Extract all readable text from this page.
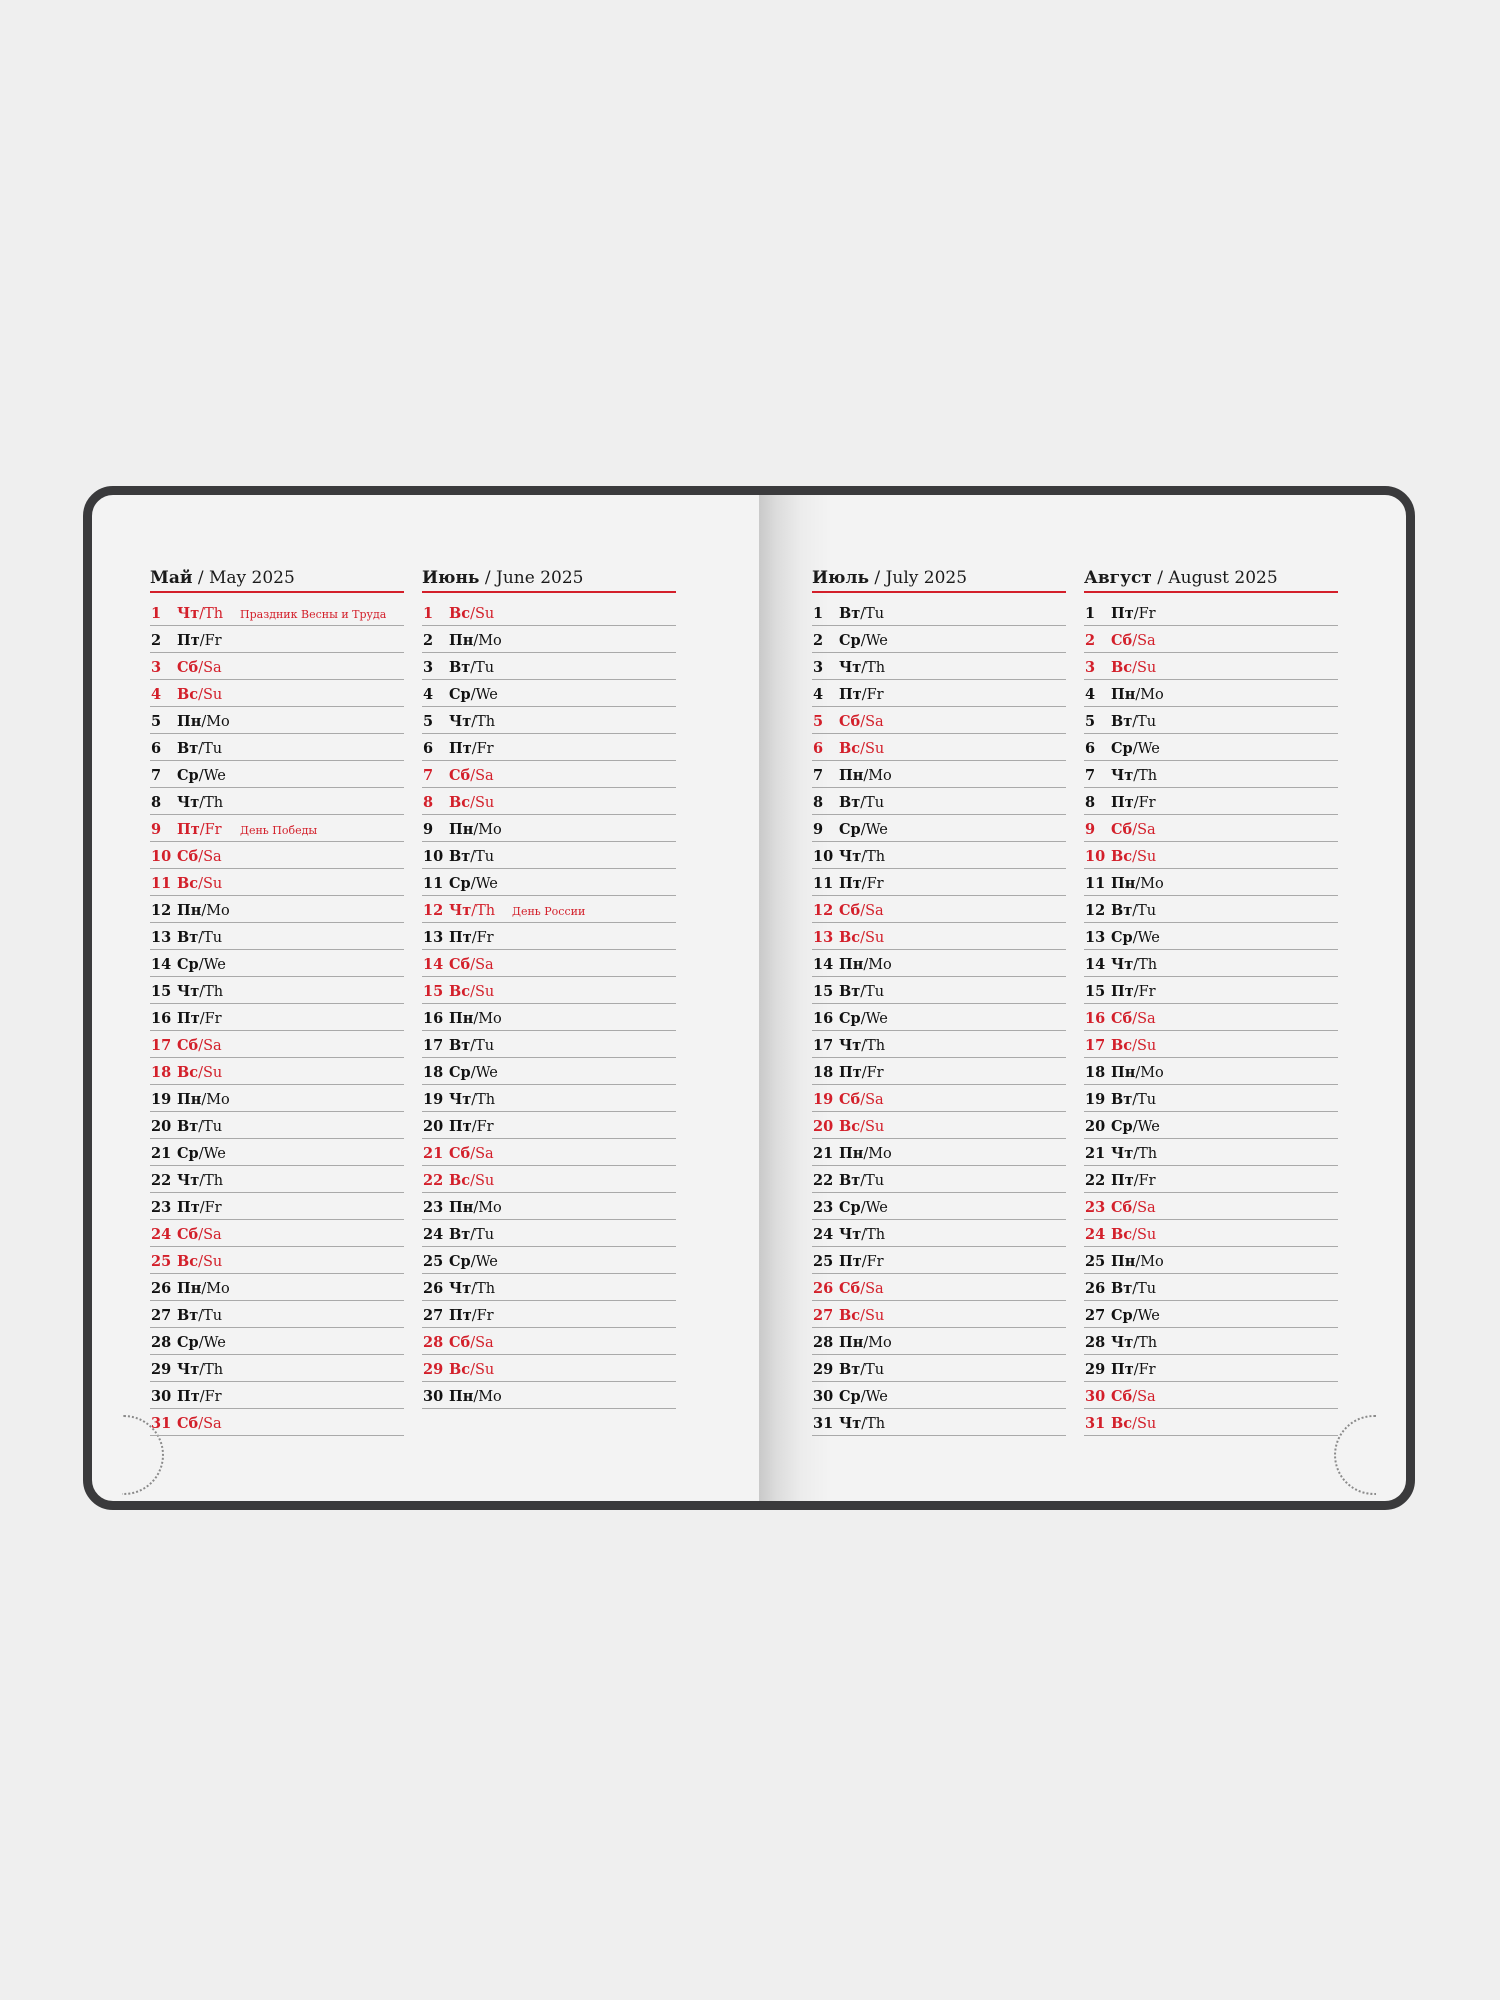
Май / May 2025
1 Чт/Th Праздник Весны и Труда
2 Пт/Fr
3 Сб/Sa
4 Вс/Su
5 Пн/Mo
6 Вт/Tu
7 Ср/We
8 Чт/Th
9 Пт/Fr День Победы
10 Сб/Sa
11 Вс/Su
12 Пн/Mo
13 Вт/Tu
14 Ср/We
15 Чт/Th
16 Пт/Fr
17 Сб/Sa
18 Вс/Su
19 Пн/Mo
20 Вт/Tu
21 Ср/We
22 Чт/Th
23 Пт/Fr
24 Сб/Sa
25 Вс/Su
26 Пн/Mo
27 Вт/Tu
28 Ср/We
29 Чт/Th
30 Пт/Fr
31 Сб/Sa
Июнь / June 2025
1 Вс/Su
2 Пн/Mo
3 Вт/Tu
4 Ср/We
5 Чт/Th
6 Пт/Fr
7 Сб/Sa
8 Вс/Su
9 Пн/Mo
10 Вт/Tu
11 Ср/We
12 Чт/Th День России
13 Пт/Fr
14 Сб/Sa
15 Вс/Su
16 Пн/Mo
17 Вт/Tu
18 Ср/We
19 Чт/Th
20 Пт/Fr
21 Сб/Sa
22 Вс/Su
23 Пн/Mo
24 Вт/Tu
25 Ср/We
26 Чт/Th
27 Пт/Fr
28 Сб/Sa
29 Вс/Su
30 Пн/Mo
Июль / July 2025
1 Вт/Tu
2 Ср/We
3 Чт/Th
4 Пт/Fr
5 Сб/Sa
6 Вс/Su
7 Пн/Mo
8 Вт/Tu
9 Ср/We
10 Чт/Th
11 Пт/Fr
12 Сб/Sa
13 Вс/Su
14 Пн/Mo
15 Вт/Tu
16 Ср/We
17 Чт/Th
18 Пт/Fr
19 Сб/Sa
20 Вс/Su
21 Пн/Mo
22 Вт/Tu
23 Ср/We
24 Чт/Th
25 Пт/Fr
26 Сб/Sa
27 Вс/Su
28 Пн/Mo
29 Вт/Tu
30 Ср/We
31 Чт/Th
Август / August 2025
1 Пт/Fr
2 Сб/Sa
3 Вс/Su
4 Пн/Mo
5 Вт/Tu
6 Ср/We
7 Чт/Th
8 Пт/Fr
9 Сб/Sa
10 Вс/Su
11 Пн/Mo
12 Вт/Tu
13 Ср/We
14 Чт/Th
15 Пт/Fr
16 Сб/Sa
17 Вс/Su
18 Пн/Mo
19 Вт/Tu
20 Ср/We
21 Чт/Th
22 Пт/Fr
23 Сб/Sa
24 Вс/Su
25 Пн/Mo
26 Вт/Tu
27 Ср/We
28 Чт/Th
29 Пт/Fr
30 Сб/Sa
31 Вс/Su
